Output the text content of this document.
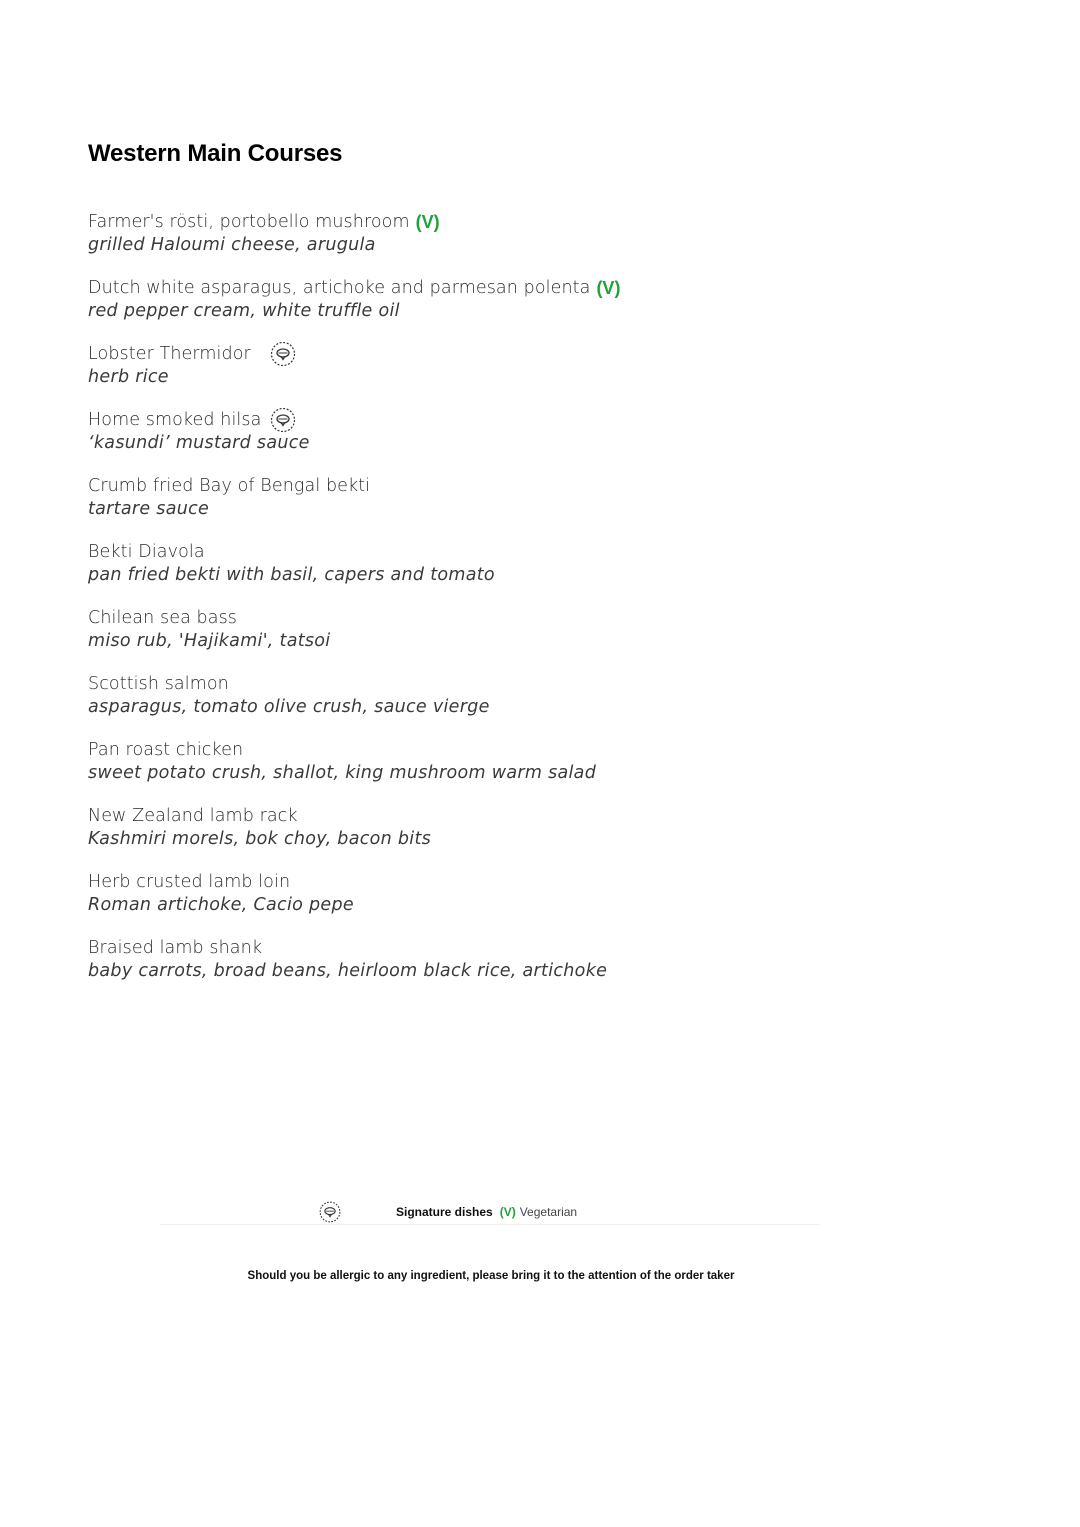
Western Main Courses
Farmer's rösti, portobello mushroom (V)
grilled Haloumi cheese, arugula
Dutch white asparagus, artichoke and parmesan polenta (V)
red pepper cream, white truffle oil
Lobster Thermidor
herb rice
Home smoked hilsa
‘kasundi’ mustard sauce
Crumb fried Bay of Bengal bekti
tartare sauce
Bekti Diavola
pan fried bekti with basil, capers and tomato
Chilean sea bass
miso rub, 'Hajikami', tatsoi
Scottish salmon
asparagus, tomato olive crush, sauce vierge
Pan roast chicken
sweet potato crush, shallot, king mushroom warm salad
New Zealand lamb rack
Kashmiri morels, bok choy, bacon bits
Herb crusted lamb loin
Roman artichoke, Cacio pepe
Braised lamb shank
baby carrots, broad beans, heirloom black rice, artichoke
Signature dishes (V) Vegetarian
Should you be allergic to any ingredient, please bring it to the attention of the order taker
